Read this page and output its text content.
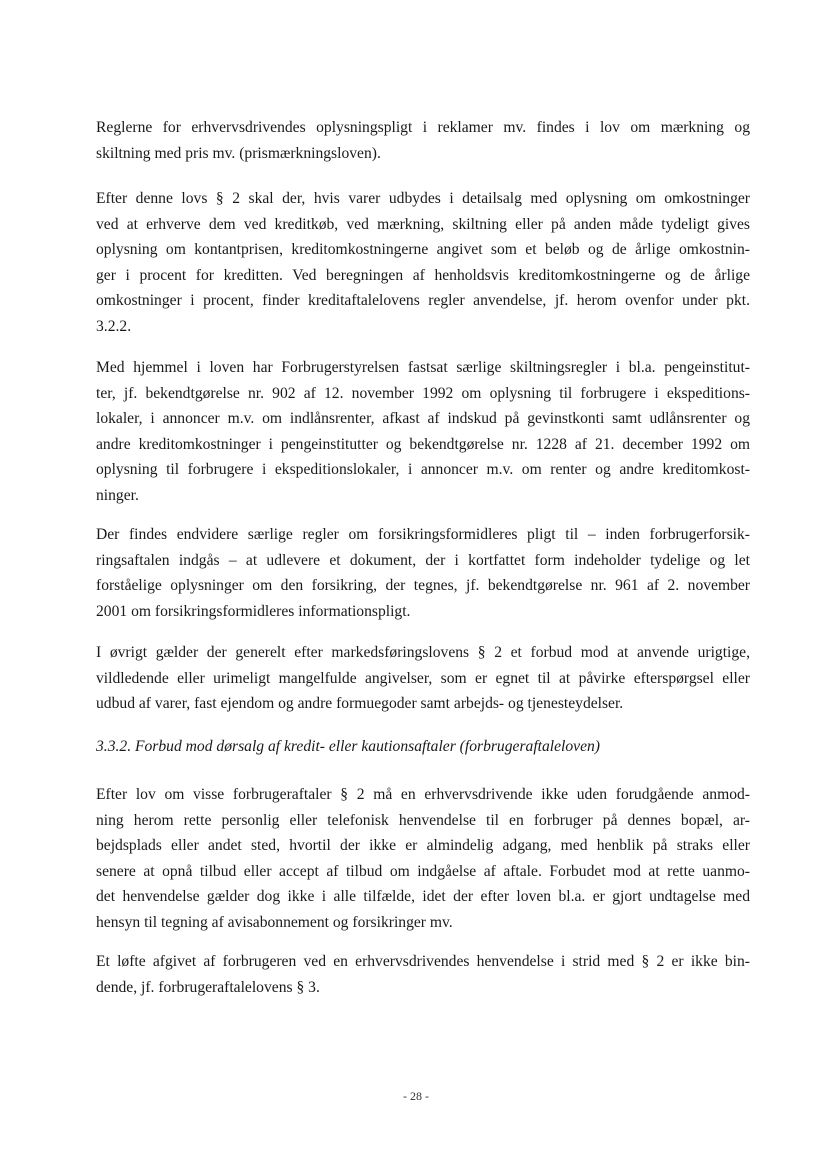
Reglerne for erhvervsdrivendes oplysningspligt i reklamer mv. findes i lov om mærkning og
skiltning med pris mv. (prismærkningsloven).

Efter denne lovs § 2 skal der, hvis varer udbydes i detailsalg med oplysning om omkostninger
ved at erhverve dem ved kreditkøb, ved mærkning, skiltning eller på anden måde tydeligt gives
oplysning om kontantprisen, kreditomkostningerne angivet som et beløb og de årlige omkostnin-
ger i procent for kreditten. Ved beregningen af henholdsvis kreditomkostningerne og de årlige
omkostninger i procent, finder kreditaftalelovens regler anvendelse, jf. herom ovenfor under pkt.
3.2.2.

Med hjemmel i loven har Forbrugerstyrelsen fastsat særlige skiltningsregler i bl.a. pengeinstitut-
ter, jf. bekendtgørelse nr. 902 af 12. november 1992 om oplysning til forbrugere i ekspeditions-
lokaler, i annoncer m.v. om indlånsrenter, afkast af indskud på gevinstkonti samt udlånsrenter og
andre kreditomkostninger i pengeinstitutter og bekendtgørelse nr. 1228 af 21. december 1992 om
oplysning til forbrugere i ekspeditionslokaler, i annoncer m.v. om renter og andre kreditomkost-
ninger.

Der findes endvidere særlige regler om forsikringsformidleres pligt til – inden forbrugerforsik-
ringsaftalen indgås – at udlevere et dokument, der i kortfattet form indeholder tydelige og let
forståelige oplysninger om den forsikring, der tegnes, jf. bekendtgørelse nr. 961 af 2. november
2001 om forsikringsformidleres informationspligt.

I øvrigt gælder der generelt efter markedsføringslovens § 2 et forbud mod at anvende urigtige,
vildledende eller urimeligt mangelfulde angivelser, som er egnet til at påvirke efterspørgsel eller
udbud af varer, fast ejendom og andre formuegoder samt arbejds- og tjenesteydelser.

3.3.2. Forbud mod dørsalg af kredit- eller kautionsaftaler (forbrugeraftaleloven)

Efter lov om visse forbrugeraftaler § 2 må en erhvervsdrivende ikke uden forudgående anmod-
ning herom rette personlig eller telefonisk henvendelse til en forbruger på dennes bopæl, ar-
bejdsplads eller andet sted, hvortil der ikke er almindelig adgang, med henblik på straks eller
senere at opnå tilbud eller accept af tilbud om indgåelse af aftale. Forbudet mod at rette uanmo-
det henvendelse gælder dog ikke i alle tilfælde, idet der efter loven bl.a. er gjort undtagelse med
hensyn til tegning af avisabonnement og forsikringer mv.

Et løfte afgivet af forbrugeren ved en erhvervsdrivendes henvendelse i strid med § 2 er ikke bin-
dende, jf. forbrugeraftalelovens § 3.

- 28 -
